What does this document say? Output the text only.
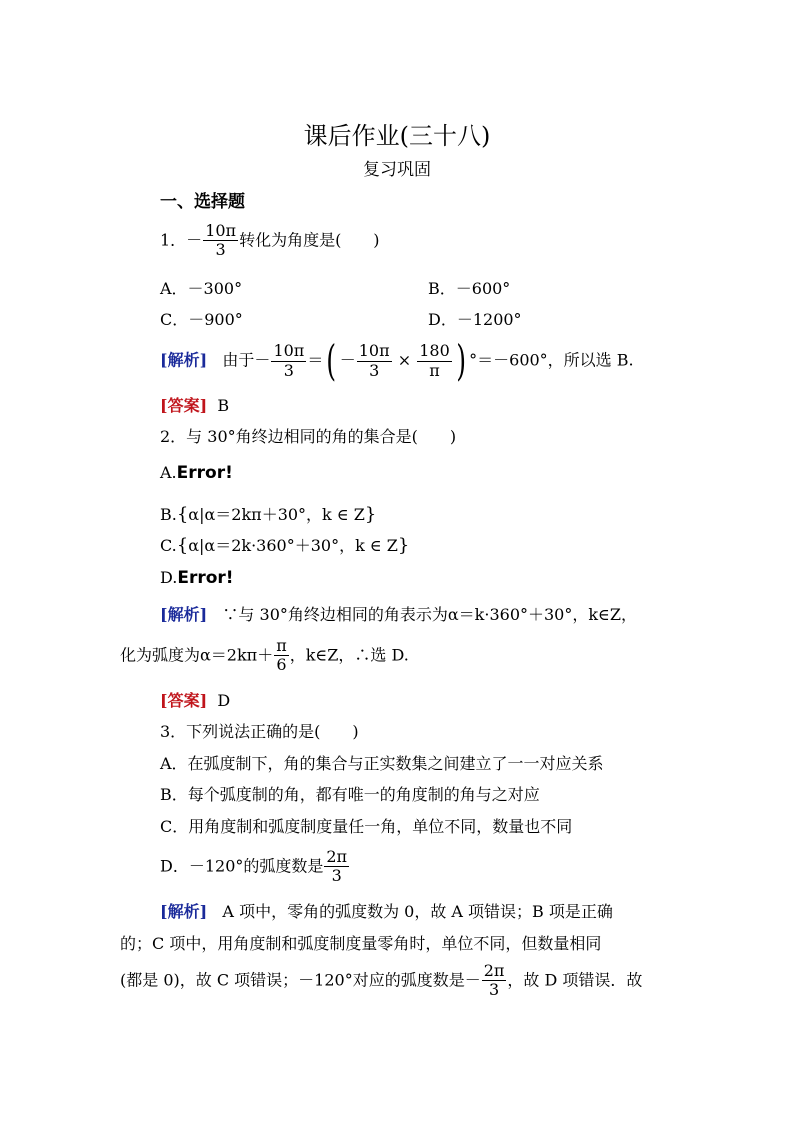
课后作业(三十八)
复习巩固
一、选择题
1．－ $\frac{10\pi}{3}$ 转化为角度是(　　)
A．－300°	B．－600°
C．－900°	D．－1200°
[解析] 由于－ $\frac{10\pi}{3}$ ＝( － $\frac{10\pi}{3} \times \frac{180}{\pi}$ ) °＝－600°，所以选 B.
[答案] B
2．与 30°角终边相同的角的集合是(　　)
A.Error!
B.{α|α＝2kπ＋30°，k ∈ Z}
C.{α|α＝2k·360°＋30°，k ∈ Z}
D.Error!
[解析] ∵与 30°角终边相同的角表示为α＝k·360°＋30°，k∈Z，
化为弧度为$\alpha=2k\pi+ \frac{\pi}{6}$ ，k∈Z，∴选 D.
[答案] D
3．下列说法正确的是(　　)
A．在弧度制下，角的集合与正实数集之间建立了一一对应关系
B．每个弧度制的角，都有唯一的角度制的角与之对应
C．用角度制和弧度制度量任一角，单位不同，数量也不同
D．－120°的弧度数是 $\frac{2\pi}{3}$
[解析] A 项中，零角的弧度数为 0，故 A 项错误；B 项是正确
的；C 项中，用角度制和弧度制度量零角时，单位不同，但数量相同
(都是 0)，故 C 项错误；－120°对应的弧度数是－ $\frac{2\pi}{3}$ ，故 D 项错误．故
